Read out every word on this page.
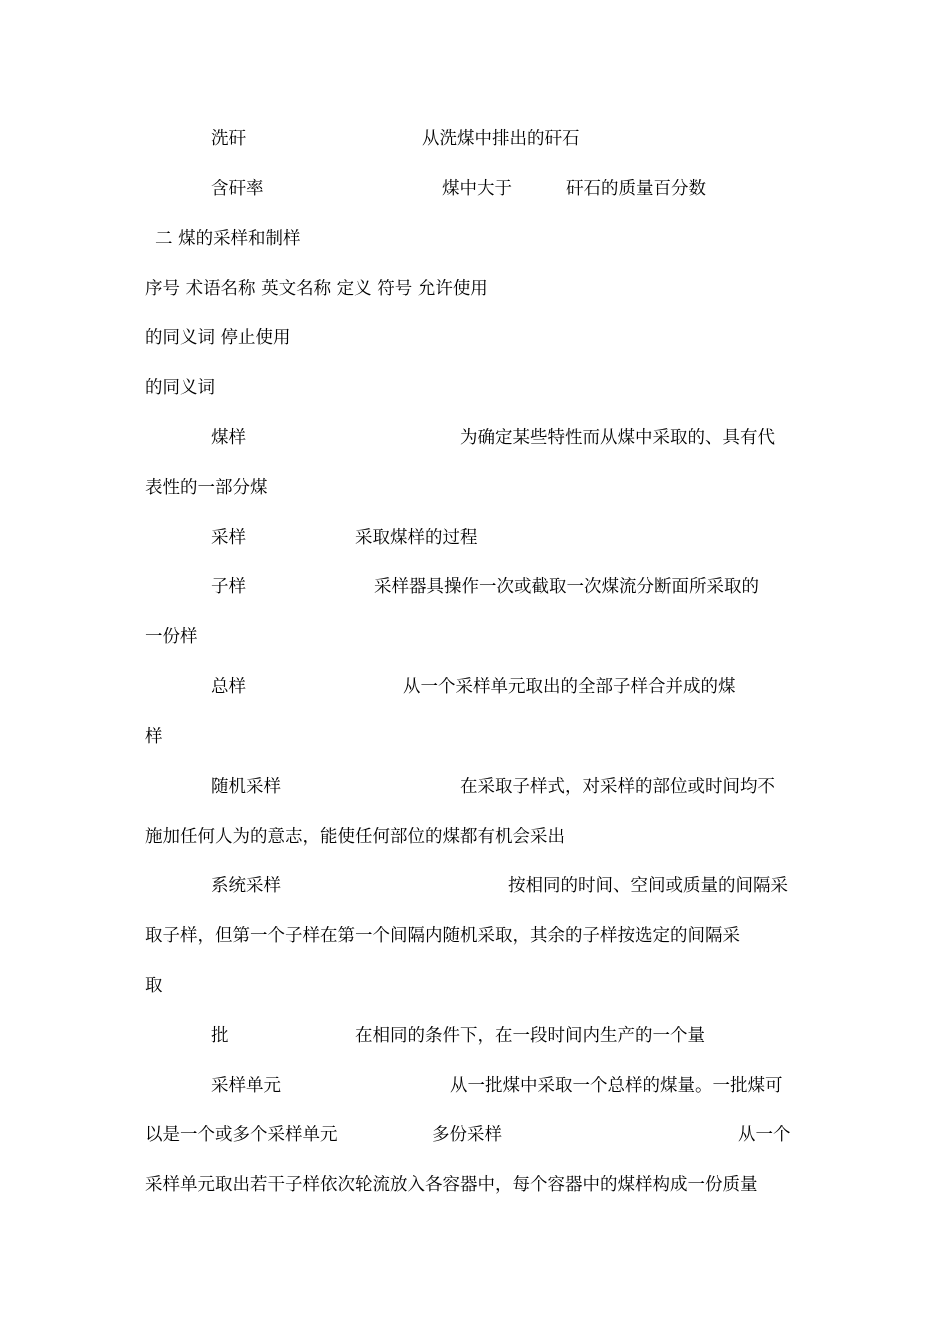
洗矸	从洗煤中排出的矸石
含矸率	煤中大于	矸石的质量百分数
二 煤的采样和制样
序号 术语名称 英文名称 定义 符号 允许使用
的同义词 停止使用
的同义词
煤样	为确定某些特性而从煤中采取的、具有代
表性的一部分煤
采样	采取煤样的过程
子样	采样器具操作一次或截取一次煤流分断面所采取的
一份样
总样	从一个采样单元取出的全部子样合并成的煤
样
随机采样	在采取子样式，对采样的部位或时间均不
施加任何人为的意志，能使任何部位的煤都有机会采出
系统采样	按相同的时间、空间或质量的间隔采
取子样，但第一个子样在第一个间隔内随机采取，其余的子样按选定的间隔采
取
批	在相同的条件下，在一段时间内生产的一个量
采样单元	从一批煤中采取一个总样的煤量。一批煤可
以是一个或多个采样单元	多份采样	从一个
采样单元取出若干子样依次轮流放入各容器中，每个容器中的煤样构成一份质量
